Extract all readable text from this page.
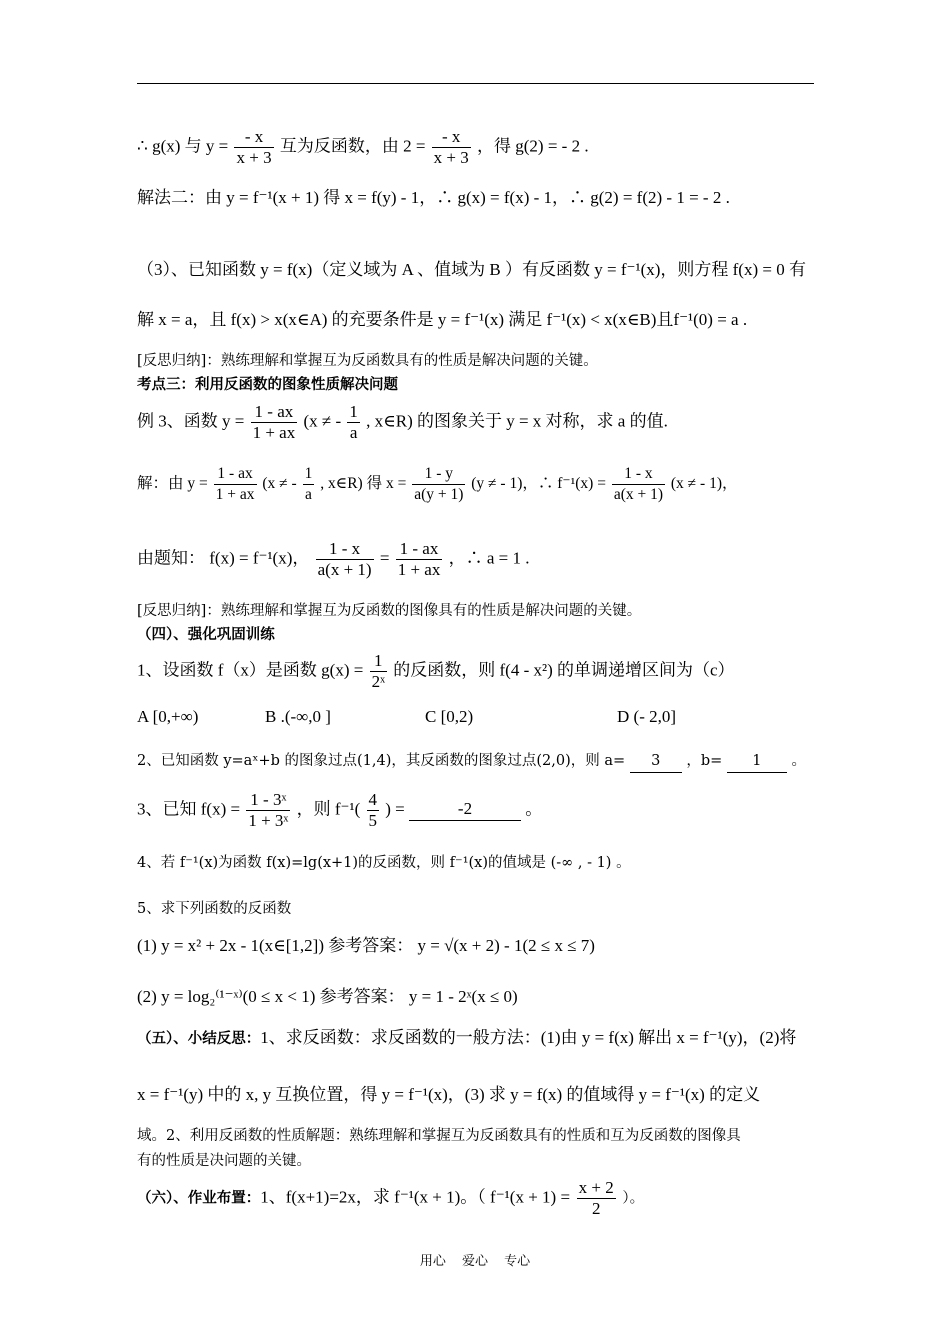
∴ g(x) 与 $y = \frac{- x}{x + 3}$ 互为反函数，由 $2 = \frac{- x}{x + 3}$ ，得 g(2) = - 2 .
解法二：由 y = f⁻¹(x + 1) 得 x = f(y) - 1，∴ g(x) = f(x) - 1，∴ g(2) = f(2) - 1 = - 2 .
（3）、已知函数 y = f(x)（定义域为 A 、值域为 B ）有反函数 y = f⁻¹(x)，则方程 f(x) = 0 有
解 x = a，且 f(x) > x(x∈A) 的充要条件是 y = f⁻¹(x) 满足 f⁻¹(x) < x(x∈B)且f⁻¹(0) = a .
[反思归纳]：熟练理解和掌握互为反函数具有的性质是解决问题的关键。
考点三：利用反函数的图象性质解决问题
例 3、函数 $y = \frac{1 - ax}{1 + ax} (x$ ≠ - $\frac{1}{a}$ , x∈R) 的图象关于 y = x 对称，求 a 的值.
解：由 $y = \frac{1 - ax}{1 + ax} (x$ ≠ - $\frac{1}{a}$ , x∈R) 得 $x = \frac{1 - y}{a(y + 1)} (y$ ≠ - 1)，∴ $f^{-1}(x) = \frac{1 - x}{a(x + 1)} (x$ ≠ - 1)，
由题知： f(x) = f⁻¹(x)， $\frac{1 - x}{a(x + 1)} = \frac{1 - ax}{1 + ax}$ ，∴ a = 1 .
[反思归纳]：熟练理解和掌握互为反函数的图像具有的性质是解决问题的关键。
（四）、强化巩固训练
1、设函数 f（x）是函数 $g(x) = \frac{1}{\text{2ˣ}}$ 的反函数，则 f(4 - x²) 的单调递增区间为（c）
A [0,+∞)	B .(-∞,0 ]	C [0,2)	D (- 2,0]
2、已知函数 y=aˣ+b 的图象过点(1,4)，其反函数的图象过点(2,0)，则 a= 3 ，b= 1 。
3、已知 $f(x) = \frac{\text{1 - 3ˣ}}{\text{1 + 3ˣ}}$ ，则 $f^{-1}( \frac{4}{5}$ ) =	-2	。
4、若 f⁻¹(x)为函数 f(x)=lg(x+1)的反函数，则 f⁻¹(x)的值域是 (-∞ , - 1) 。
5、求下列函数的反函数
(1) y = x² + 2x - 1(x∈[1,2]) 参考答案： y = √(x + 2) - 1(2 ≤ x ≤ 7)
(2) y = log₂⁽¹⁻ˣ⁾(0 ≤ x < 1) 参考答案： y = 1 - 2ˣ(x ≤ 0)
（五）、小结反思：1、求反函数：求反函数的一般方法：(1)由 y = f(x) 解出 x = f⁻¹(y)，(2)将
x = f⁻¹(y) 中的 x, y 互换位置，得 y = f⁻¹(x)，(3) 求 y = f(x) 的值域得 y = f⁻¹(x) 的定义
域。2、利用反函数的性质解题：熟练理解和掌握互为反函数具有的性质和互为反函数的图像具
有的性质是决问题的关键。
（六）、作业布置：1、f(x+1)=2x，求 f⁻¹(x + 1)。（ $f^{-1}(x + 1) = \frac{x + 2}{2}$ ）。
用心 爱心 专心
